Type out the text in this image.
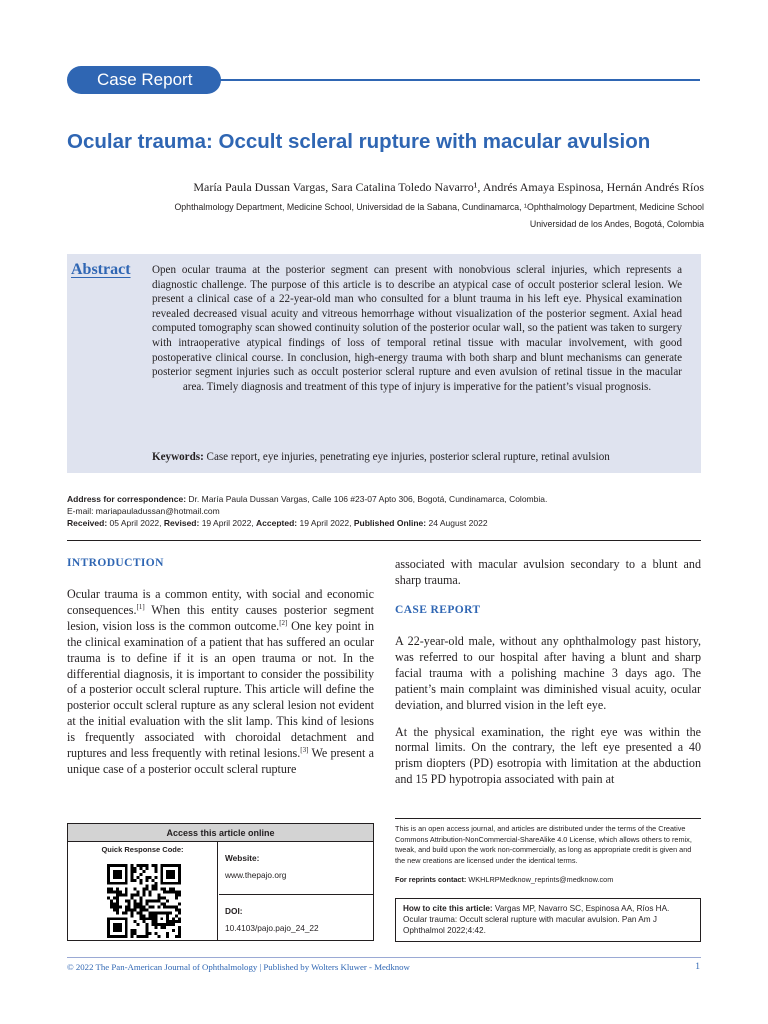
Case Report
Ocular trauma: Occult scleral rupture with macular avulsion
María Paula Dussan Vargas, Sara Catalina Toledo Navarro¹, Andrés Amaya Espinosa, Hernán Andrés Ríos
Ophthalmology Department, Medicine School, Universidad de la Sabana, Cundinamarca, ¹Ophthalmology Department, Medicine School
Universidad de los Andes, Bogotá, Colombia
Abstract Open ocular trauma at the posterior segment can present with nonobvious scleral injuries, which represents a diagnostic challenge. The purpose of this article is to describe an atypical case of occult posterior scleral lesion. We present a clinical case of a 22-year-old man who consulted for a blunt trauma in his left eye. Physical examination revealed decreased visual acuity and vitreous hemorrhage without visualization of the posterior segment. Axial head computed tomography scan showed continuity solution of the posterior ocular wall, so the patient was taken to surgery with intraoperative atypical findings of loss of temporal retinal tissue with macular involvement, with good postoperative clinical course. In conclusion, high-energy trauma with both sharp and blunt mechanisms can generate posterior segment injuries such as occult posterior scleral rupture and even avulsion of retinal tissue in the macular area. Timely diagnosis and treatment of this type of injury is imperative for the patient’s visual prognosis.
Keywords: Case report, eye injuries, penetrating eye injuries, posterior scleral rupture, retinal avulsion
Address for correspondence: Dr. María Paula Dussan Vargas, Calle 106 #23-07 Apto 306, Bogotá, Cundinamarca, Colombia.
E-mail: mariapauladussan@hotmail.com
Received: 05 April 2022, Revised: 19 April 2022, Accepted: 19 April 2022, Published Online: 24 August 2022
INTRODUCTION

Ocular trauma is a common entity, with social and economic consequences.[1] When this entity causes posterior segment lesion, vision loss is the common outcome.[2] One key point in the clinical examination of a patient that has suffered an ocular trauma is to define if it is an open trauma or not. In the differential diagnosis, it is important to consider the possibility of a posterior occult scleral rupture. This article will define the posterior occult scleral rupture as any scleral lesion not evident at the initial evaluation with the slit lamp. This kind of lesions is frequently associated with choroidal detachment and ruptures and less frequently with retinal lesions.[3] We present a unique case of a posterior occult scleral rupture

associated with macular avulsion secondary to a blunt and sharp trauma.
CASE REPORT

A 22-year-old male, without any ophthalmology past history, was referred to our hospital after having a blunt and sharp facial trauma with a polishing machine 3 days ago. The patient’s main complaint was diminished visual acuity, ocular deviation, and blurred vision in the left eye.

At the physical examination, the right eye was within the normal limits. On the contrary, the left eye presented a 40 prism diopters (PD) esotropia with limitation at the abduction and 15 PD hypotropia associated with pain at

Access this article online
Quick Response Code:
Website:
www.thepajo.org
DOI:
10.4103/pajo.pajo_24_22
This is an open access journal, and articles are distributed under the terms of the Creative Commons Attribution-NonCommercial-ShareAlike 4.0 License, which allows others to remix, tweak, and build upon the work non-commercially, as long as appropriate credit is given and the new creations are licensed under the identical terms.
For reprints contact: WKHLRPMedknow_reprints@medknow.com
How to cite this article: Vargas MP, Navarro SC, Espinosa AA, Ríos HA. Ocular trauma: Occult scleral rupture with macular avulsion. Pan Am J Ophthalmol 2022;4:42.
© 2022 The Pan-American Journal of Ophthalmology | Published by Wolters Kluwer - Medknow	1
